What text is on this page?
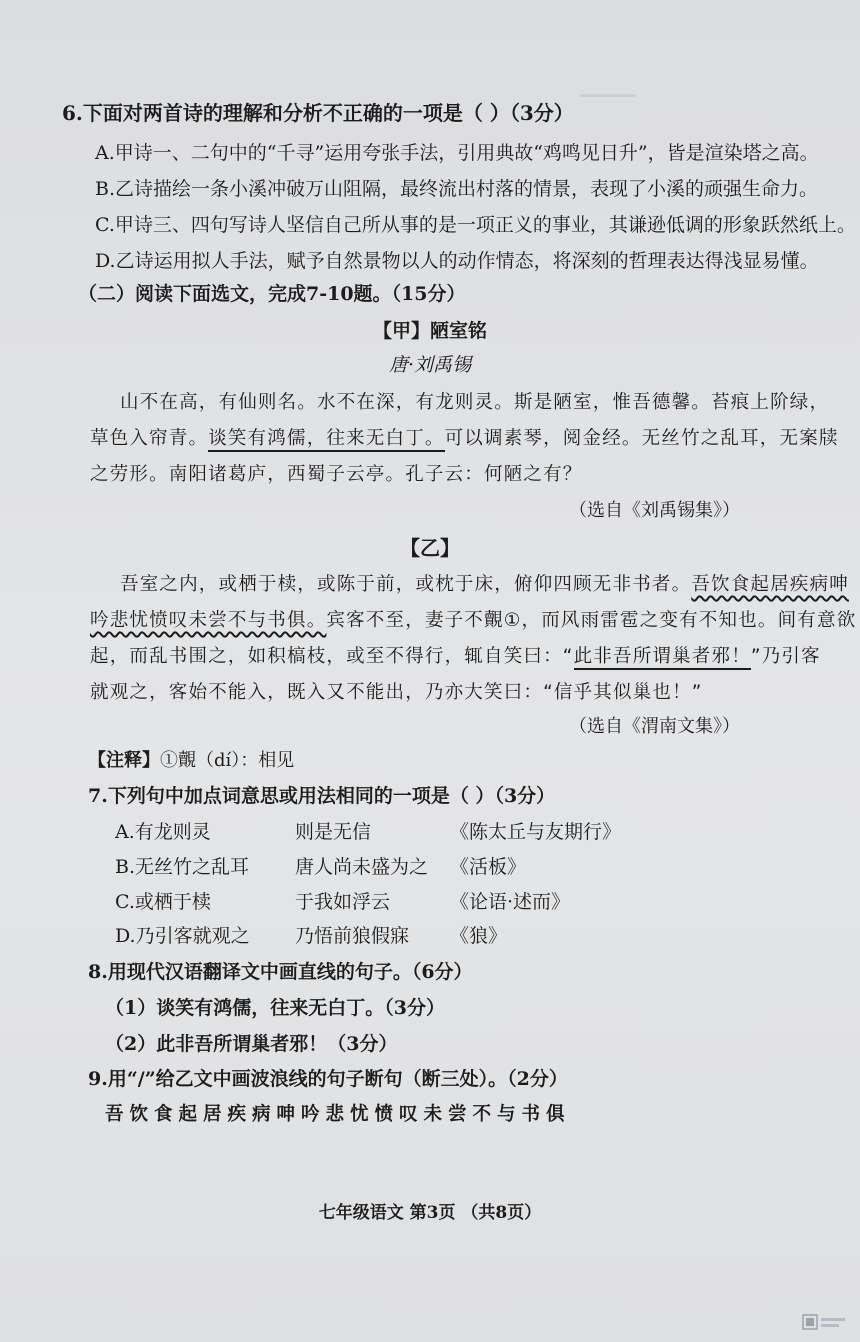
▔▔▔▔
6.下面对两首诗的理解和分析不正确的一项是（ ）（3分）
A.甲诗一、二句中的“千寻”运用夸张手法，引用典故“鸡鸣见日升”，皆是渲染塔之高。
B.乙诗描绘一条小溪冲破万山阻隔，最终流出村落的情景，表现了小溪的顽强生命力。
C.甲诗三、四句写诗人坚信自己所从事的是一项正义的事业，其谦逊低调的形象跃然纸上。
D.乙诗运用拟人手法，赋予自然景物以人的动作情态，将深刻的哲理表达得浅显易懂。
（二）阅读下面选文，完成7-10题。（15分）
【甲】陋室铭
唐·刘禹锡
山不在高，有仙则名。水不在深，有龙则灵。斯是陋室，惟吾德馨。苔痕上阶绿，
草色入帘青。谈笑有鸿儒，往来无白丁。可以调素琴，阅金经。无丝竹之乱耳，无案牍
之劳形。南阳诸葛庐，西蜀子云亭。孔子云：何陋之有？
（选自《刘禹锡集》）
【乙】
吾室之内，或栖于椟，或陈于前，或枕于床，俯仰四顾无非书者。吾饮食起居疾病呻
吟悲忧愤叹未尝不与书俱。宾客不至，妻子不覿①，而风雨雷雹之变有不知也。间有意欲
起，而乱书围之，如积槁枝，或至不得行，辄自笑曰：“此非吾所谓巢者邪！”乃引客
就观之，客始不能入，既入又不能出，乃亦大笑曰：“信乎其似巢也！”
（选自《渭南文集》）
【注释】①覿（dí）：相见
7.下列句中加点词意思或用法相同的一项是（ ）（3分）
A.有龙则灵	则是无信	《陈太丘与友期行》
B.无丝竹之乱耳 唐人尚未盛为之 《活板》
C.或栖于椟	于我如浮云	《论语·述而》
D.乃引客就观之 乃悟前狼假寐 《狼》
8.用现代汉语翻译文中画直线的句子。（6分）
（1）谈笑有鸿儒，往来无白丁。（3分）
（2）此非吾所谓巢者邪！（3分）
9.用“/”给乙文中画波浪线的句子断句（断三处）。（2分）
吾饮食起居疾病呻吟悲忧愤叹未尝不与书俱
七年级语文 第3页 （共8页）
